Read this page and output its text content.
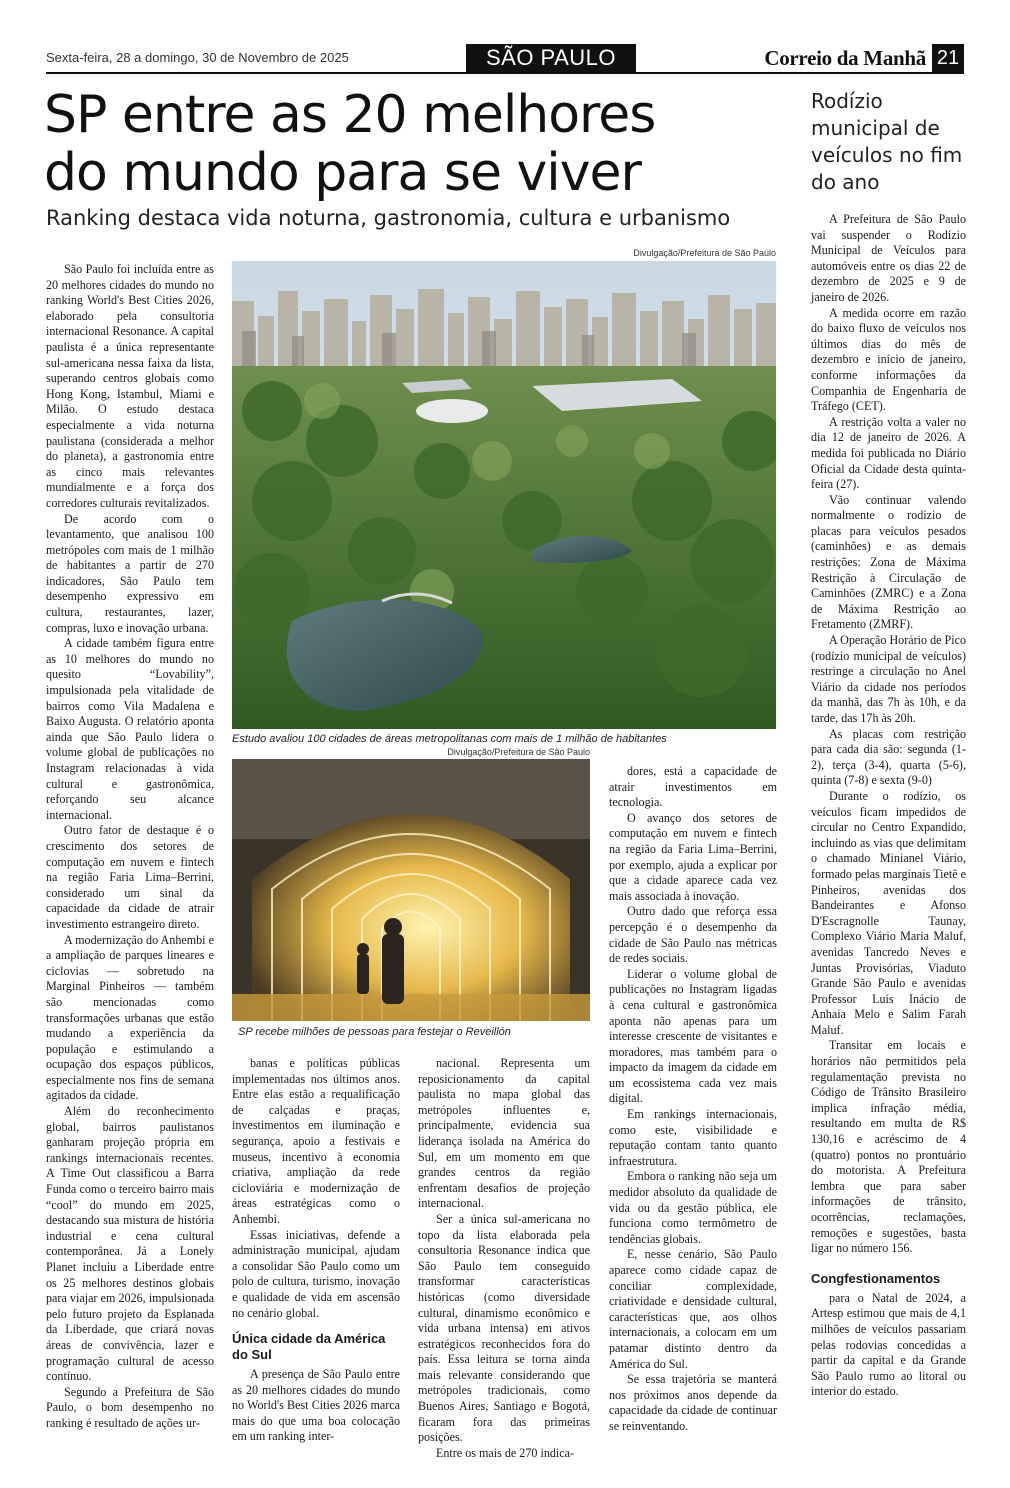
Sexta-feira, 28 a domingo, 30 de Novembro de 2025	SÃO PAULO	Correio da Manhã 21
SP entre as 20 melhores
do mundo para se viver
Ranking destaca vida noturna, gastronomia, cultura e urbanismo
Divulgação/Prefeitura de São Paulo
Estudo avaliou 100 cidades de áreas metropolitanas com mais de 1 milhão de habitantes
Divulgação/Prefeitura de São Paulo
SP recebe milhões de pessoas para festejar o Reveillón

São Paulo foi incluída entre as 20 melhores cidades do mundo no ranking World's Best Cities 2026, elaborado pela consultoria internacional Resonance. A capital paulista é a única representante sul-americana nessa faixa da lista, superando centros globais como Hong Kong, Istambul, Miami e Milão. O estudo destaca especialmente a vida noturna paulistana (considerada a melhor do planeta), a gastronomia entre as cinco mais relevantes mundialmente e a força dos corredores culturais revitalizados.

De acordo com o levantamento, que analisou 100 metrópoles com mais de 1 milhão de habitantes a partir de 270 indicadores, São Paulo tem desempenho expressivo em cultura, restaurantes, lazer, compras, luxo e inovação urbana.

A cidade também figura entre as 10 melhores do mundo no quesito “Lovability”, impulsionada pela vitalidade de bairros como Vila Madalena e Baixo Augusta. O relatório aponta ainda que São Paulo lidera o volume global de publicações no Instagram relacionadas à vida cultural e gastronômica, reforçando seu alcance internacional.

Outro fator de destaque é o crescimento dos setores de computação em nuvem e fintech na região Faria Lima–Berrini, considerado um sinal da capacidade da cidade de atrair investimento estrangeiro direto.

A modernização do Anhembi e a ampliação de parques lineares e ciclovias — sobretudo na Marginal Pinheiros — também são mencionadas como transformações urbanas que estão mudando a experiência da população e estimulando a ocupação dos espaços públicos, especialmente nos fins de semana agitados da cidade.

Além do reconhecimento global, bairros paulistanos ganharam projeção própria em rankings internacionais recentes. A Time Out classificou a Barra Funda como o terceiro bairro mais “cool” do mundo em 2025, destacando sua mistura de história industrial e cena cultural contemporânea. Já a Lonely Planet incluiu a Liberdade entre os 25 melhores destinos globais para viajar em 2026, impulsionada pelo futuro projeto da Esplanada da Liberdade, que criará novas áreas de convivência, lazer e programação cultural de acesso contínuo.

Segundo a Prefeitura de São Paulo, o bom desempenho no ranking é resultado de ações ur-

banas e políticas públicas implementadas nos últimos anos. Entre elas estão a requalificação de calçadas e praças, investimentos em iluminação e segurança, apoio a festivais e museus, incentivo à economia criativa, ampliação da rede cicloviária e modernização de áreas estratégicas como o Anhembi.

Essas iniciativas, defende a administração municipal, ajudam a consolidar São Paulo como um polo de cultura, turismo, inovação e qualidade de vida em ascensão no cenário global.

Única cidade da América do Sul

A presença de São Paulo entre as 20 melhores cidades do mundo no World's Best Cities 2026 marca mais do que uma boa colocação em um ranking inter-

nacional. Representa um reposicionamento da capital paulista no mapa global das metrópoles influentes e, principalmente, evidencia sua liderança isolada na América do Sul, em um momento em que grandes centros da região enfrentam desafios de projeção internacional.

Ser a única sul-americana no topo da lista elaborada pela consultoria Resonance indica que São Paulo tem conseguido transformar características históricas (como diversidade cultural, dinamismo econômico e vida urbana intensa) em ativos estratégicos reconhecidos fora do país. Essa leitura se torna ainda mais relevante considerando que metrópoles tradicionais, como Buenos Aires, Santiago e Bogotá, ficaram fora das primeiras posições.

Entre os mais de 270 indica-

dores, está a capacidade de atrair investimentos em tecnologia.

O avanço dos setores de computação em nuvem e fintech na região da Faria Lima–Berrini, por exemplo, ajuda a explicar por que a cidade aparece cada vez mais associada à inovação.

Outro dado que reforça essa percepção é o desempenho da cidade de São Paulo nas métricas de redes sociais.

Liderar o volume global de publicações no Instagram ligadas à cena cultural e gastronômica aponta não apenas para um interesse crescente de visitantes e moradores, mas também para o impacto da imagem da cidade em um ecossistema cada vez mais digital.

Em rankings internacionais, como este, visibilidade e reputação contam tanto quanto infraestrutura.

Embora o ranking não seja um medidor absoluto da qualidade de vida ou da gestão pública, ele funciona como termômetro de tendências globais.

E, nesse cenário, São Paulo aparece como cidade capaz de conciliar complexidade, criatividade e densidade cultural, características que, aos olhos internacionais, a colocam em um patamar distinto dentro da América do Sul.

Se essa trajetória se manterá nos próximos anos depende da capacidade da cidade de continuar se reinventando.

Rodízio municipal de veículos no fim do ano

A Prefeitura de São Paulo vai suspender o Rodízio Municipal de Veículos para automóveis entre os dias 22 de dezembro de 2025 e 9 de janeiro de 2026.

A medida ocorre em razão do baixo fluxo de veículos nos últimos dias do mês de dezembro e início de janeiro, conforme informações da Companhia de Engenharia de Tráfego (CET).

A restrição volta a valer no dia 12 de janeiro de 2026. A medida foi publicada no Diário Oficial da Cidade desta quinta-feira (27).

Vão continuar valendo normalmente o rodízio de placas para veículos pesados (caminhões) e as demais restrições: Zona de Máxima Restrição à Circulação de Caminhões (ZMRC) e a Zona de Máxima Restrição ao Fretamento (ZMRF).

A Operação Horário de Pico (rodízio municipal de veículos) restringe a circulação no Anel Viário da cidade nos períodos da manhã, das 7h às 10h, e da tarde, das 17h às 20h.

As placas com restrição para cada dia são: segunda (1-2), terça (3-4), quarta (5-6), quinta (7-8) e sexta (9-0)

Durante o rodízio, os veículos ficam impedidos de circular no Centro Expandido, incluindo as vias que delimitam o chamado Minianel Viário, formado pelas marginais Tietê e Pinheiros, avenidas dos Bandeirantes e Afonso D'Escragnolle Taunay, Complexo Viário Maria Maluf, avenidas Tancredo Neves e Juntas Provisórias, Viaduto Grande São Paulo e avenidas Professor Luís Inácio de Anhaia Melo e Salim Farah Maluf.

Transitar em locais e horários não permitidos pela regulamentação prevista no Código de Trânsito Brasileiro implica infração média, resultando em multa de R$ 130,16 e acréscimo de 4 (quatro) pontos no prontuário do motorista. A Prefeitura lembra que para saber informações de trânsito, ocorrências, reclamações, remoções e sugestões, basta ligar no número 156.

Congfestionamentos

para o Natal de 2024, a Artesp estimou que mais de 4,1 milhões de veículos passariam pelas rodovias concedidas a partir da capital e da Grande São Paulo rumo ao litoral ou interior do estado.
